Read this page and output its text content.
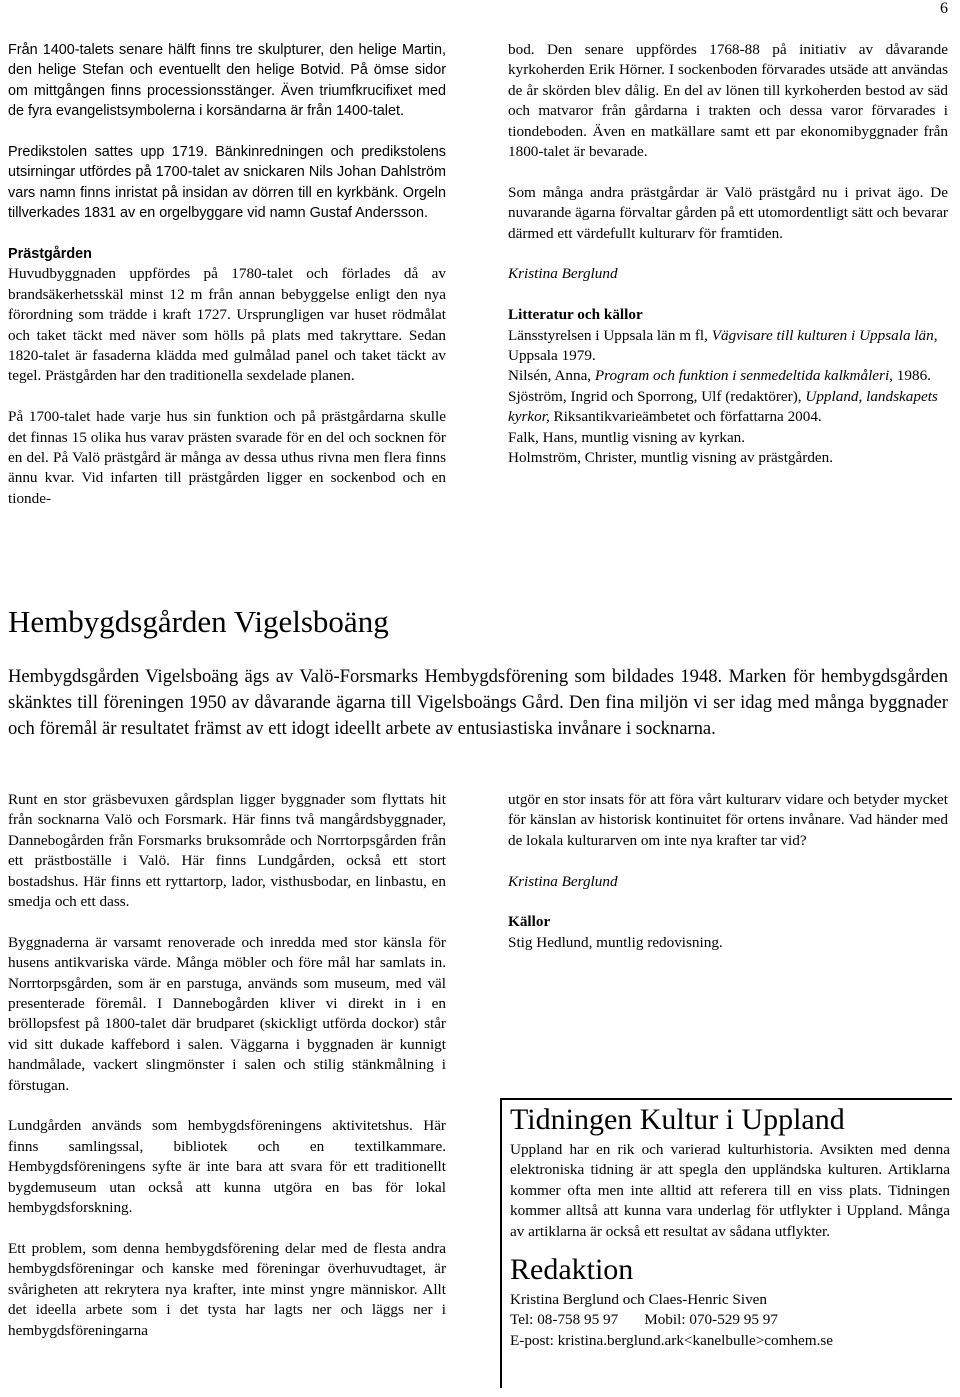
6

Från 1400-talets senare hälft finns tre skulpturer, den helige Martin, den helige Stefan och eventuellt den helige Botvid. På ömse sidor om mittgången finns processionsstänger. Även triumfkrucifixet med de fyra evangelistsymbolerna i korsändarna är från 1400-talet.

Predikstolen sattes upp 1719. Bänkinredningen och predikstolens utsirningar utfördes på 1700-talet av snickaren Nils Johan Dahlström vars namn finns inristat på insidan av dörren till en kyrkbänk. Orgeln tillverkades 1831 av en orgelbyggare vid namn Gustaf Andersson.

Prästgården

Huvudbyggnaden uppfördes på 1780-talet och förlades då av brandsäkerhetsskäl minst 12 m från annan bebyggelse enligt den nya förordning som trädde i kraft 1727. Ursprungligen var huset rödmålat och taket täckt med näver som hölls på plats med takryttare. Sedan 1820-talet är fasaderna klädda med gulmålad panel och taket täckt av tegel. Prästgården har den traditionella sexdelade planen.

På 1700-talet hade varje hus sin funktion och på prästgårdarna skulle det finnas 15 olika hus varav prästen svarade för en del och socknen för en del. På Valö prästgård är många av dessa uthus rivna men flera finns ännu kvar. Vid infarten till prästgården ligger en sockenbod och en tionde-

bod. Den senare uppfördes 1768-88 på initiativ av dåvarande kyrkoherden Erik Hörner. I sockenboden förvarades utsäde att användas de år skörden blev dålig. En del av lönen till kyrkoherden bestod av säd och matvaror från gårdarna i trakten och dessa varor förvarades i tiondeboden. Även en matkällare samt ett par ekonomibyggnader från 1800-talet är bevarade.

Som många andra prästgårdar är Valö prästgård nu i privat ägo. De nuvarande ägarna förvaltar gården på ett utomordentligt sätt och bevarar därmed ett värdefullt kulturarv för framtiden.

Kristina Berglund

Litteratur och källor

Länsstyrelsen i Uppsala län m fl, Vägvisare till kulturen i Uppsala län, Uppsala 1979.
Nilsén, Anna, Program och funktion i senmedeltida kalkmåleri, 1986.
Sjöström, Ingrid och Sporrong, Ulf (redaktörer), Uppland, landskapets kyrkor, Riksantikvarieämbetet och författarna 2004.
Falk, Hans, muntlig visning av kyrkan.
Holmström, Christer, muntlig visning av prästgården.
Hembygdsgården Vigelsboäng
Hembygdsgården Vigelsboäng ägs av Valö-Forsmarks Hembygdsförening som bildades 1948. Marken för hembygdsgården skänktes till föreningen 1950 av dåvarande ägarna till Vigelsboängs Gård. Den fina miljön vi ser idag med många byggnader och föremål är resultatet främst av ett idogt ideellt arbete av entusiastiska invånare i socknarna.

Runt en stor gräsbevuxen gårdsplan ligger byggnader som flyttats hit från socknarna Valö och Forsmark. Här finns två mangårdsbyggnader, Dannebogården från Forsmarks bruksområde och Norrtorpsgården från ett prästboställe i Valö. Här finns Lundgården, också ett stort bostadshus. Här finns ett ryttartorp, lador, visthusbodar, en linbastu, en smedja och ett dass.

Byggnaderna är varsamt renoverade och inredda med stor känsla för husens antikvariska värde. Många möbler och före mål har samlats in. Norrtorpsgården, som är en parstuga, används som museum, med väl presenterade föremål. I Dannebogården kliver vi direkt in i en bröllopsfest på 1800-talet där brudparet (skickligt utförda dockor) står vid sitt dukade kaffebord i salen. Väggarna i byggnaden är kunnigt handmålade, vackert slingmönster i salen och stilig stänkmålning i förstugan.

Lundgården används som hembygdsföreningens aktivitetshus. Här finns samlingssal, bibliotek och en textilkammare. Hembygdsföreningens syfte är inte bara att svara för ett traditionellt bygdemuseum utan också att kunna utgöra en bas för lokal hembygdsforskning.

Ett problem, som denna hembygdsförening delar med de flesta andra hembygdsföreningar och kanske med föreningar överhuvudtaget, är svårigheten att rekrytera nya krafter, inte minst yngre människor. Allt det ideella arbete som i det tysta har lagts ner och läggs ner i hembygdsföreningarna

utgör en stor insats för att föra vårt kulturarv vidare och betyder mycket för känslan av historisk kontinuitet för ortens invånare. Vad händer med de lokala kulturarven om inte nya krafter tar vid?

Kristina Berglund

Källor

Stig Hedlund, muntlig redovisning.

Tidningen Kultur i Uppland
Uppland har en rik och varierad kulturhistoria. Avsikten med denna elektroniska tidning är att spegla den uppländska kulturen. Artiklarna kommer ofta men inte alltid att referera till en viss plats. Tidningen kommer alltså att kunna vara underlag för utflykter i Uppland. Många av artiklarna är också ett resultat av sådana utflykter.
Redaktion
Kristina Berglund och Claes-Henric Siven
Tel: 08-758 95 97 Mobil: 070-529 95 97
E-post: kristina.berglund.ark<kanelbulle>comhem.se
